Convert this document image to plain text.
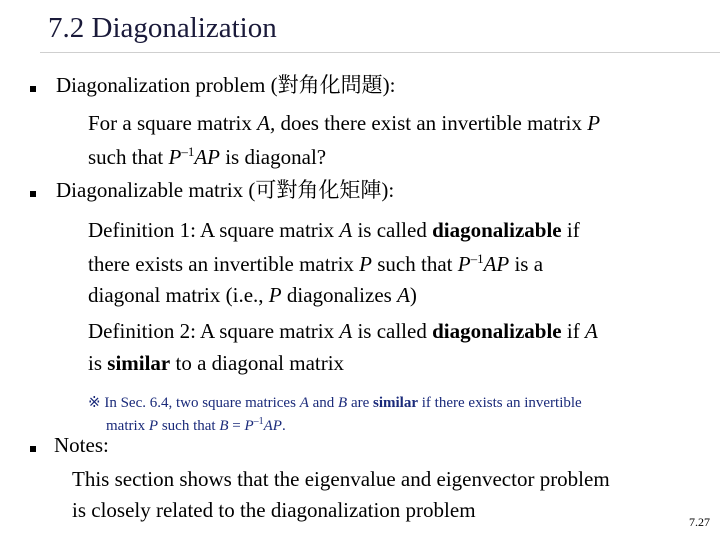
7.2 Diagonalization
Diagonalization problem (對角化問題):
For a square matrix A, does there exist an invertible matrix P
such that $P^{-1}AP$ is diagonal?
Diagonalizable matrix (可對角化矩陣):
Definition 1: A square matrix A is called diagonalizable if
there exists an invertible matrix P such that $P^{-1}AP$ is a
diagonal matrix (i.e., P diagonalizes A)
Definition 2: A square matrix A is called diagonalizable if A
is similar to a diagonal matrix
※ In Sec. 6.4, two square matrices A and B are similar if there exists an invertible
matrix P such that $B = P^{-1}AP$.
Notes:
This section shows that the eigenvalue and eigenvector problem
is closely related to the diagonalization problem	7.27
